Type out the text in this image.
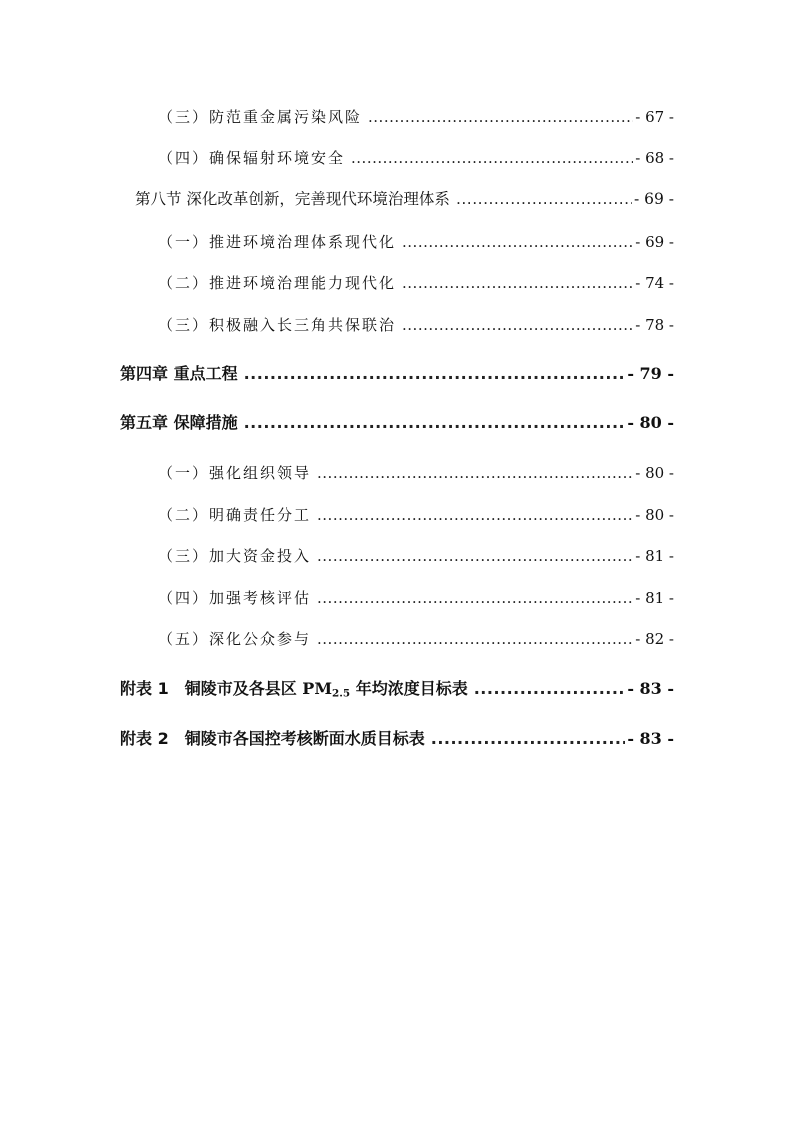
（三）防范重金属污染风险 .....	- 67 -
（四）确保辐射环境安全 .....	- 68 -
第八节 深化改革创新，完善现代环境治理体系 .....	- 69 -
（一）推进环境治理体系现代化 .....	- 69 -
（二）推进环境治理能力现代化 .....	- 74 -
（三）积极融入长三角共保联治 .....	- 78 -
第四章 重点工程 .....	- 79 -
第五章 保障措施 .....	- 80 -
（一）强化组织领导 .....	- 80 -
（二）明确责任分工 .....	- 80 -
（三）加大资金投入 .....	- 81 -
（四）加强考核评估 .....	- 81 -
（五）深化公众参与 .....	- 82 -
附表 1 铜陵市及各县区 $PM_{2.5}$ 年均浓度目标表 .....	- 83 -
附表 2 铜陵市各国控考核断面水质目标表 .....	- 83 -
